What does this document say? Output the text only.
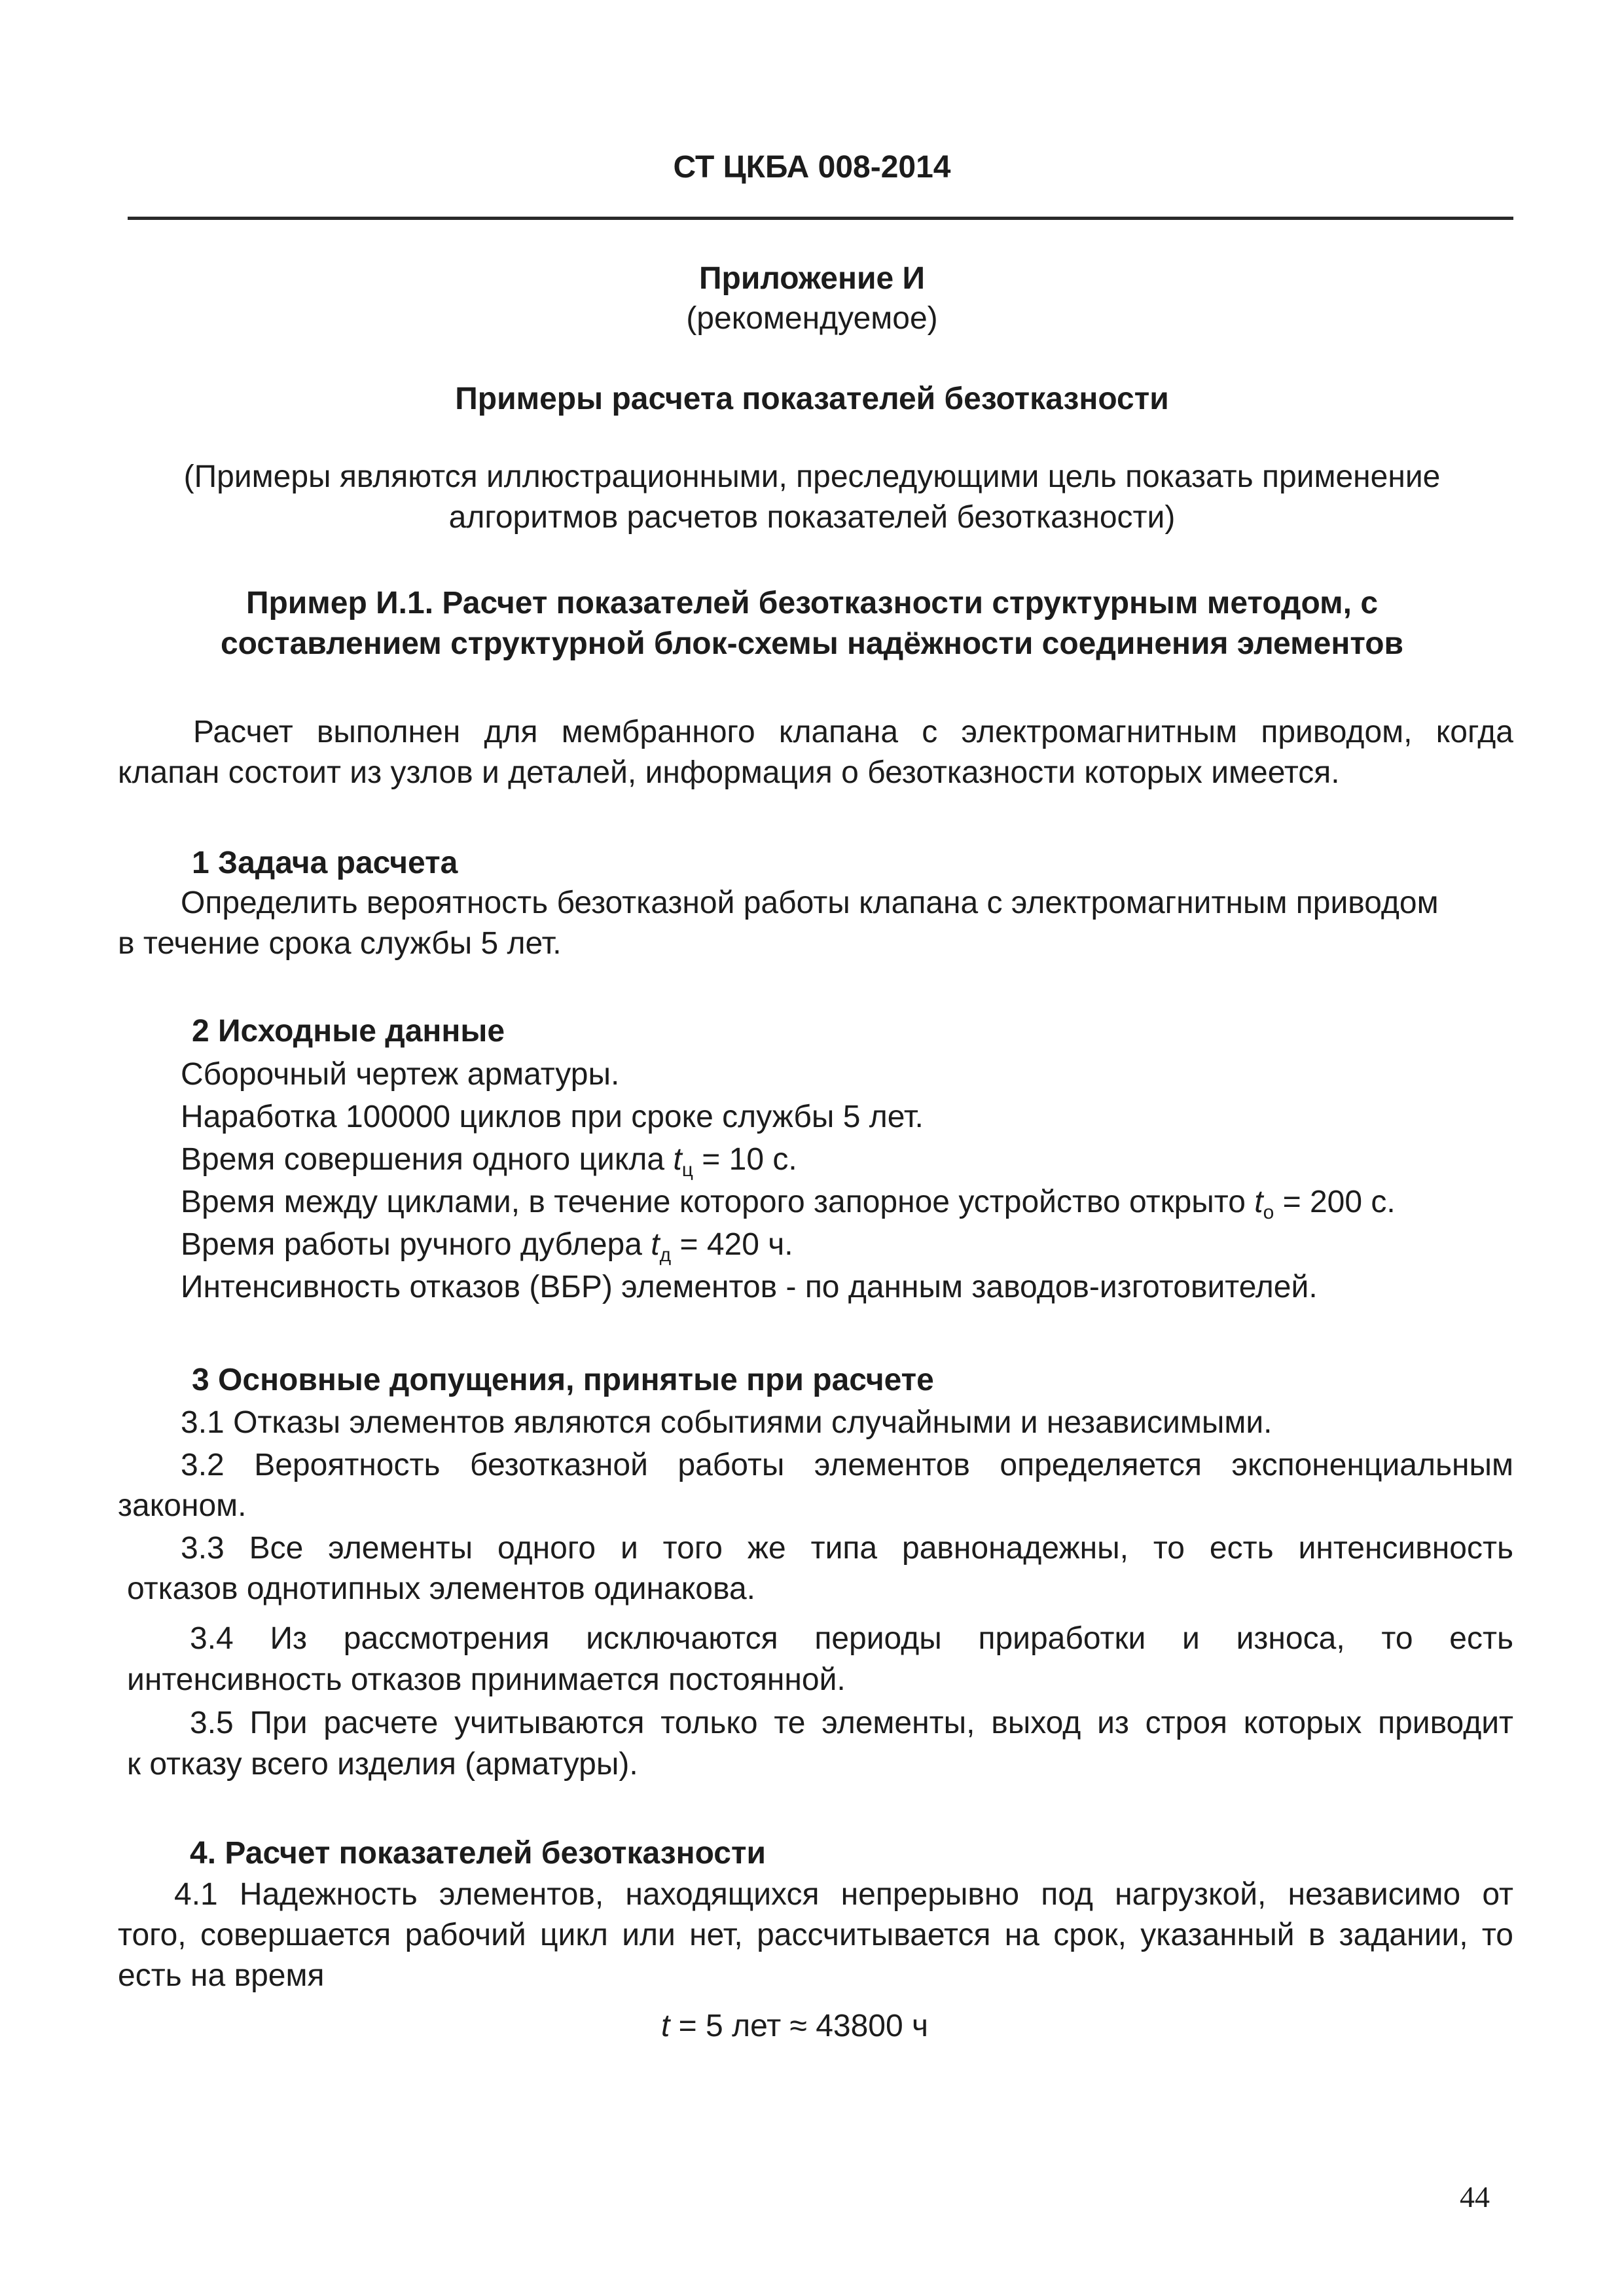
СТ ЦКБА 008-2014
Приложение И
(рекомендуемое)
Примеры расчета показателей безотказности
(Примеры являются иллюстрационными, преследующими цель показать применение
алгоритмов расчетов показателей безотказности)
Пример И.1. Расчет показателей безотказности структурным методом, с
составлением структурной блок-схемы надёжности соединения элементов
Расчет выполнен для мембранного клапана с электромагнитным приводом, когда
клапан состоит из узлов и деталей, информация о безотказности которых имеется.
1 Задача расчета
Определить вероятность безотказной работы клапана с электромагнитным приводом
в течение срока службы 5 лет.
2 Исходные данные
Сборочный чертеж арматуры.
Наработка 100000 циклов при сроке службы 5 лет.
Время совершения одного цикла $t_ц = 10$ с.
Время между циклами, в течение которого запорное устройство открыто $t_о = 200$ с.
Время работы ручного дублера $t_д = 420$ ч.
Интенсивность отказов (ВБР) элементов - по данным заводов-изготовителей.
3 Основные допущения, принятые при расчете
3.1 Отказы элементов являются событиями случайными и независимыми.
3.2 Вероятность безотказной работы элементов определяется экспоненциальным
законом.
3.3 Все элементы одного и того же типа равнонадежны, то есть интенсивность
отказов однотипных элементов одинакова.
3.4 Из рассмотрения исключаются периоды приработки и износа, то есть
интенсивность отказов принимается постоянной.
3.5 При расчете учитываются только те элементы, выход из строя которых приводит
к отказу всего изделия (арматуры).
4. Расчет показателей безотказности
4.1 Надежность элементов, находящихся непрерывно под нагрузкой, независимо от
того, совершается рабочий цикл или нет, рассчитывается на срок, указанный в задании, то
есть на время
t = 5 лет ≈ 43800 ч
44
